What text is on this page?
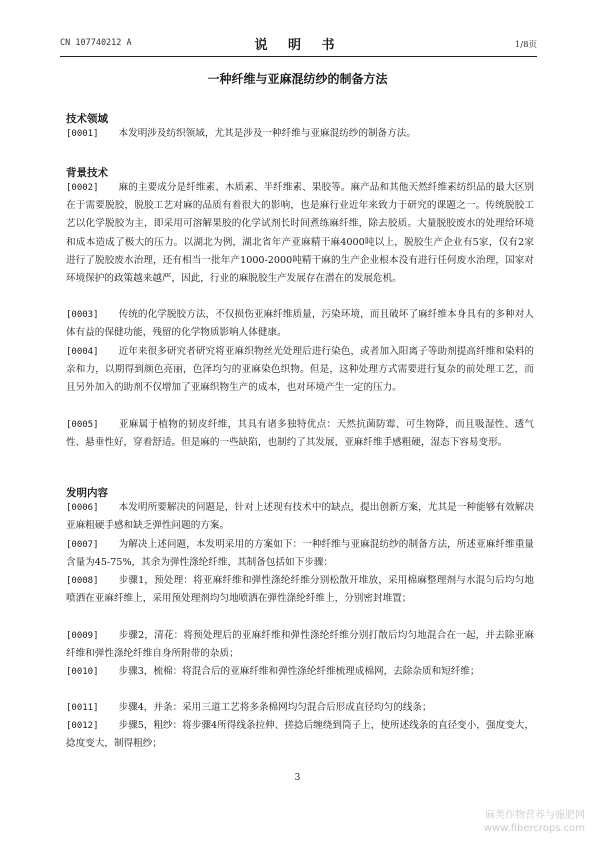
CN 107740212 A	说 明 书	1/8页
一种纤维与亚麻混纺纱的制备方法
技术领域
[0001] 本发明涉及纺织领域，尤其是涉及一种纤维与亚麻混纺纱的制备方法。
背景技术
[0002] 麻的主要成分是纤维素、木质素、半纤维素、果胶等。麻产品和其他天然纤维素纺织品的最大区别在于需要脱胶，脱胶工艺对麻的品质有着很大的影响，也是麻行业近年来致力于研究的课题之一。传统脱胶工艺以化学脱胶为主，即采用可溶解果胶的化学试剂长时间煮练麻纤维，除去胶质。大量脱胶废水的处理给环境和成本造成了极大的压力。以湖北为例，湖北省年产亚麻精干麻4000吨以上，脱胶生产企业有5家，仅有2家进行了脱胶废水治理，还有相当一批年产1000-2000吨精干麻的生产企业根本没有进行任何废水治理，国家对环境保护的政策越来越严，因此，行业的麻脱胶生产发展存在潜在的发展危机。
[0003] 传统的化学脱胶方法，不仅损伤亚麻纤维质量，污染环境，而且破坏了麻纤维本身具有的多种对人体有益的保健功能，残留的化学物质影响人体健康。
[0004] 近年来很多研究者研究将亚麻织物丝光处理后进行染色，或者加入阳离子等助剂提高纤维和染料的亲和力，以期得到颜色亮丽，色泽均匀的亚麻染色织物。但是，这种处理方式需要进行复杂的前处理工艺，而且另外加入的助剂不仅增加了亚麻织物生产的成本，也对环境产生一定的压力。
[0005] 亚麻属于植物的韧皮纤维，其具有诸多独特优点：天然抗菌防霉、可生物降，而且吸湿性、透气性、悬垂性好，穿着舒适。但是麻的一些缺陷，也制约了其发展，亚麻纤维手感粗硬，湿态下容易变形。
发明内容
[0006] 本发明所要解决的问题是，针对上述现有技术中的缺点，提出创新方案，尤其是一种能够有效解决亚麻粗硬手感和缺乏弹性问题的方案。
[0007] 为解决上述问题，本发明采用的方案如下：一种纤维与亚麻混纺纱的制备方法，所述亚麻纤维重量含量为45-75%，其余为弹性涤纶纤维，其制备包括如下步骤：
[0008] 步骤1，预处理：将亚麻纤维和弹性涤纶纤维分别松散开堆放，采用棉麻整理剂与水混匀后均匀地喷洒在亚麻纤维上，采用预处理剂均匀地喷洒在弹性涤纶纤维上，分别密封堆置；
[0009] 步骤2，清花：将预处理后的亚麻纤维和弹性涤纶纤维分别打散后均匀地混合在一起，并去除亚麻纤维和弹性涤纶纤维自身所附带的杂质；
[0010] 步骤3，梳棉：将混合后的亚麻纤维和弹性涤纶纤维梳理成棉网，去除杂质和短纤维；
[0011] 步骤4，并条：采用三道工艺将多条棉网均匀混合后形成直径均匀的线条；
[0012] 步骤5，粗纱：将步骤4所得线条拉伸、搓捻后缠绕到筒子上，使所述线条的直径变小，强度变大，捻度变大，制得粗纱；
3
麻类作物营养与施肥网
www.fibercrops.com
